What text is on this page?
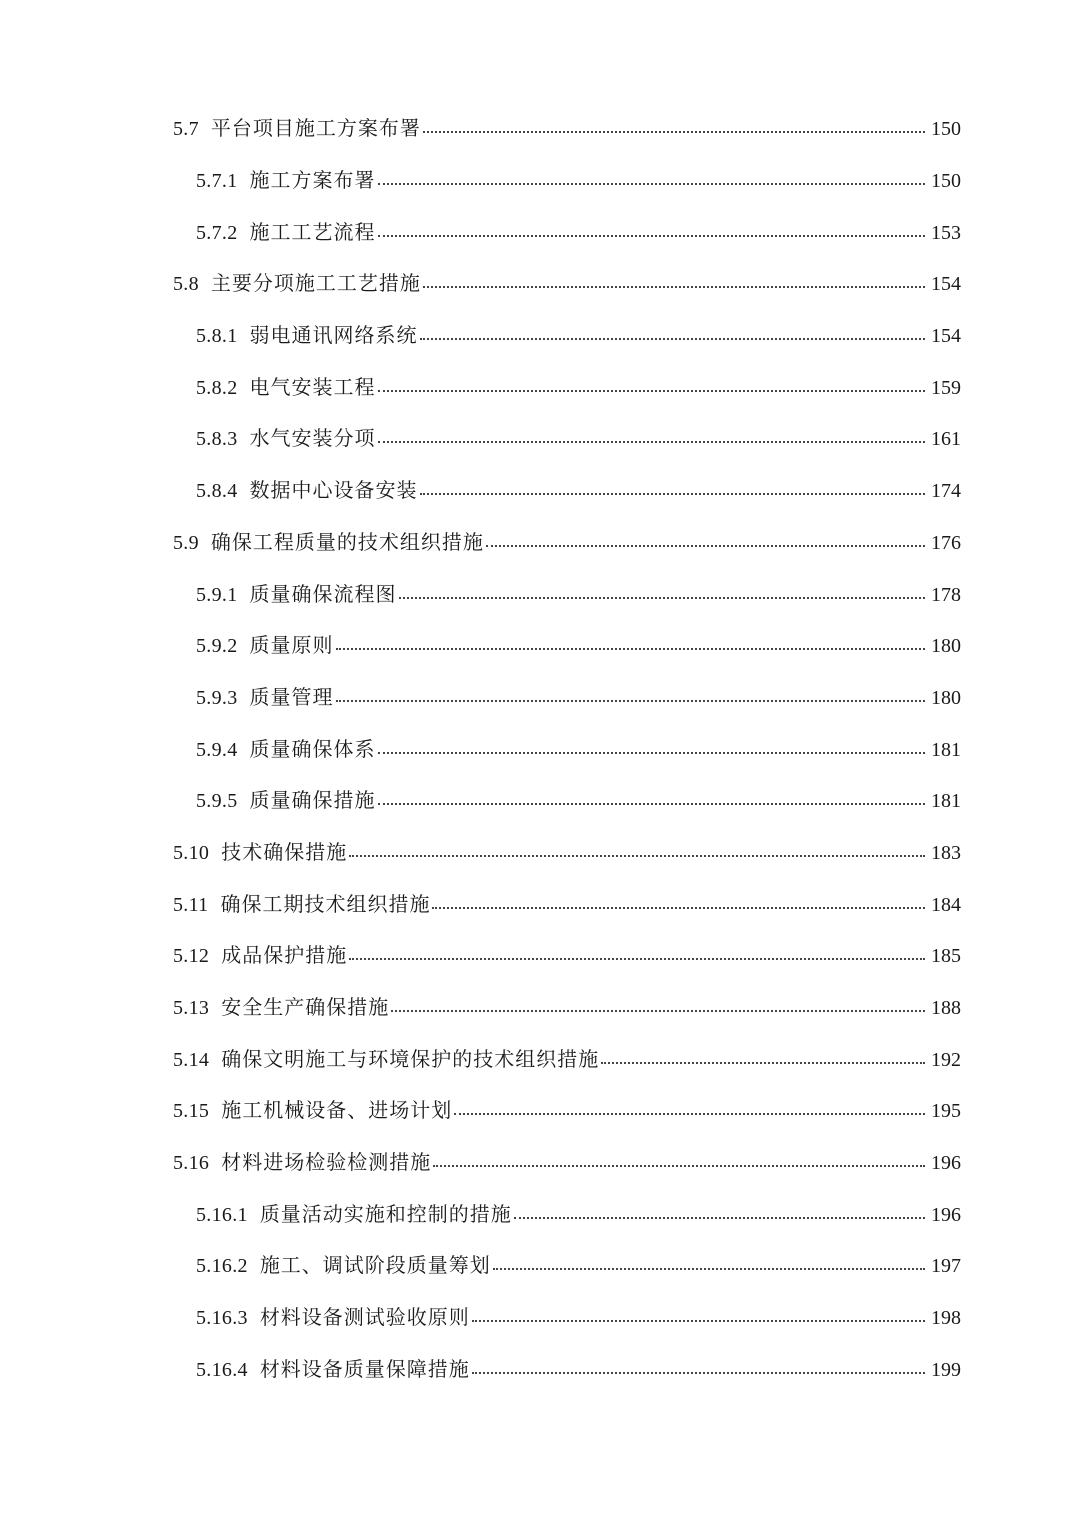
5.7 平台项目施工方案布署	150
5.7.1 施工方案布署	150
5.7.2 施工工艺流程	153
5.8 主要分项施工工艺措施	154
5.8.1 弱电通讯网络系统	154
5.8.2 电气安装工程	159
5.8.3 水气安装分项	161
5.8.4 数据中心设备安装	174
5.9 确保工程质量的技术组织措施	176
5.9.1 质量确保流程图	178
5.9.2 质量原则	180
5.9.3 质量管理	180
5.9.4 质量确保体系	181
5.9.5 质量确保措施	181
5.10 技术确保措施	183
5.11 确保工期技术组织措施	184
5.12 成品保护措施	185
5.13 安全生产确保措施	188
5.14 确保文明施工与环境保护的技术组织措施	192
5.15 施工机械设备、进场计划	195
5.16 材料进场检验检测措施	196
5.16.1 质量活动实施和控制的措施	196
5.16.2 施工、调试阶段质量筹划	197
5.16.3 材料设备测试验收原则	198
5.16.4 材料设备质量保障措施	199
